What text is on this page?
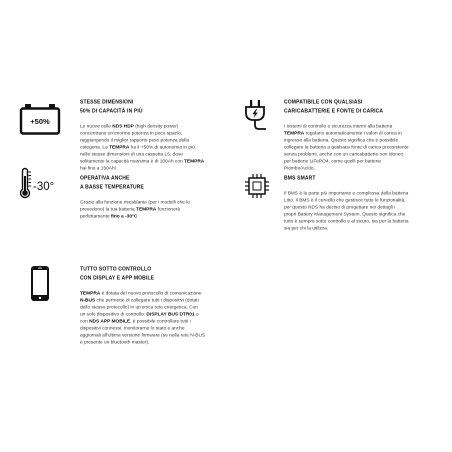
+50%
-30°
STESSE DIMENSIONI
50% DI CAPACITÀ IN PIÙ
Le nuove celle NDS HDP (high density power)
concentrano un'enorme potenza in poco spazio,
raggiungendo il miglior rapporto peso potenza della
categoria. La TEMPRA ha il +50% di autonomia in più,
nelle stesse dimensioni di una cassetta L5; dove
solitamente la capacità massima è di 100Ah con TEMPRA
hai fino a 150Ah!
OPERATIVA ANCHE
A BASSE TEMPERATURE
Grazie alla funzione riscaldante (per i modelli che lo
prevedono) la tua batteria TEMPRA funzionerà
perfettamente fino a -30°C
TUTTO SOTTO CONTROLLO
CON DISPLAY E APP MOBILE
TEMPRA è dotata del nuovo protocollo di comunicazione
N-BUS che permette di collegare tutti i dispositivi (dotati
dello stesso protocollo) in un'unica rete energetica. Con
un solo dispositivo di controllo: DISPLAY BUS DTR01 o
con NDS APP MOBILE, è possibile controllare tutti i
dispositivi connessi, monitorarne lo stato e anche
aggiornali all'ultima versione firmware (se nella rete N-BUS
è presente un bluetooth master).
COMPATIBILE CON QUALSIASI
CARICABATTERIE E FONTE DI CARICA
I sistemi di controllo e sicurezza interni alla batteria
TEMPRA regolano automaticamente i valori di carica in
ingresso alla batteria. Questo significa che è possibile
collegare la batteria a qualsiasi fonte di carica preesistente
senza problemi, anche con un caricabatterie non idoneo
per batterie LiFePO4, come quelli per batterie
Piombo/Acido.
BMS SMART
Il BMS è la parte più importante e complessa della batteria
Litio. Il BMS è il cervello che gestisce tutte le funzionalità,
per questo NDS ha deciso di progettare nei dettagli i
propri Battery Management System. Questo significa che
tutto è sempre sotto controllo e al sicuro, sia per la batteria
sia per chi la utilizza.
